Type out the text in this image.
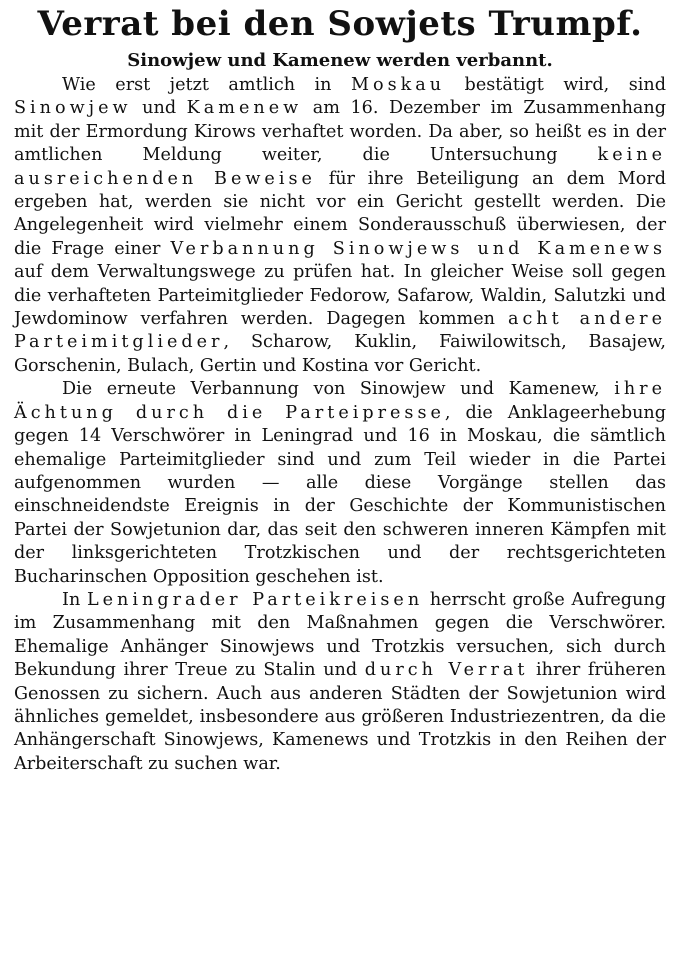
Verrat bei den Sowjets Trumpf.
Sinowjew und Kamenew werden verbannt.

Wie erst jetzt amtlich in Moskau bestätigt wird, sind Sinowjew und Kamenew am 16. Dezember im Zusammenhang mit der Ermordung Kirows verhaftet worden. Da aber, so heißt es in der amtlichen Meldung weiter, die Untersuchung keine ausreichenden Beweise für ihre Beteiligung an dem Mord ergeben hat, werden sie nicht vor ein Gericht gestellt werden. Die Angelegenheit wird vielmehr einem Sonderausschuß überwiesen, der die Frage einer Verbannung Sinowjews und Kamenews auf dem Verwaltungswege zu prüfen hat. In gleicher Weise soll gegen die verhafteten Parteimitglieder Fedorow, Safarow, Waldin, Salutzki und Jewdominow verfahren werden. Dagegen kommen acht andere Parteimitglieder, Scharow, Kuklin, Faiwilowitsch, Basajew, Gorschenin, Bulach, Gertin und Kostina vor Gericht.

Die erneute Verbannung von Sinowjew und Kamenew, ihre Ächtung durch die Parteipresse, die Anklageerhebung gegen 14 Verschwörer in Leningrad und 16 in Moskau, die sämtlich ehemalige Parteimitglieder sind und zum Teil wieder in die Partei aufgenommen wurden — alle diese Vorgänge stellen das einschneidendste Ereignis in der Geschichte der Kommunistischen Partei der Sowjetunion dar, das seit den schweren inneren Kämpfen mit der linksgerichteten Trotzkischen und der rechtsgerichteten Bucharinschen Opposition geschehen ist.

In Leningrader Parteikreisen herrscht große Aufregung im Zusammenhang mit den Maßnahmen gegen die Verschwörer. Ehemalige Anhänger Sinowjews und Trotzkis versuchen, sich durch Bekundung ihrer Treue zu Stalin und durch Verrat ihrer früheren Genossen zu sichern. Auch aus anderen Städten der Sowjetunion wird ähnliches gemeldet, insbesondere aus größeren Industriezentren, da die Anhängerschaft Sinowjews, Kamenews und Trotzkis in den Reihen der Arbeiterschaft zu suchen war.
